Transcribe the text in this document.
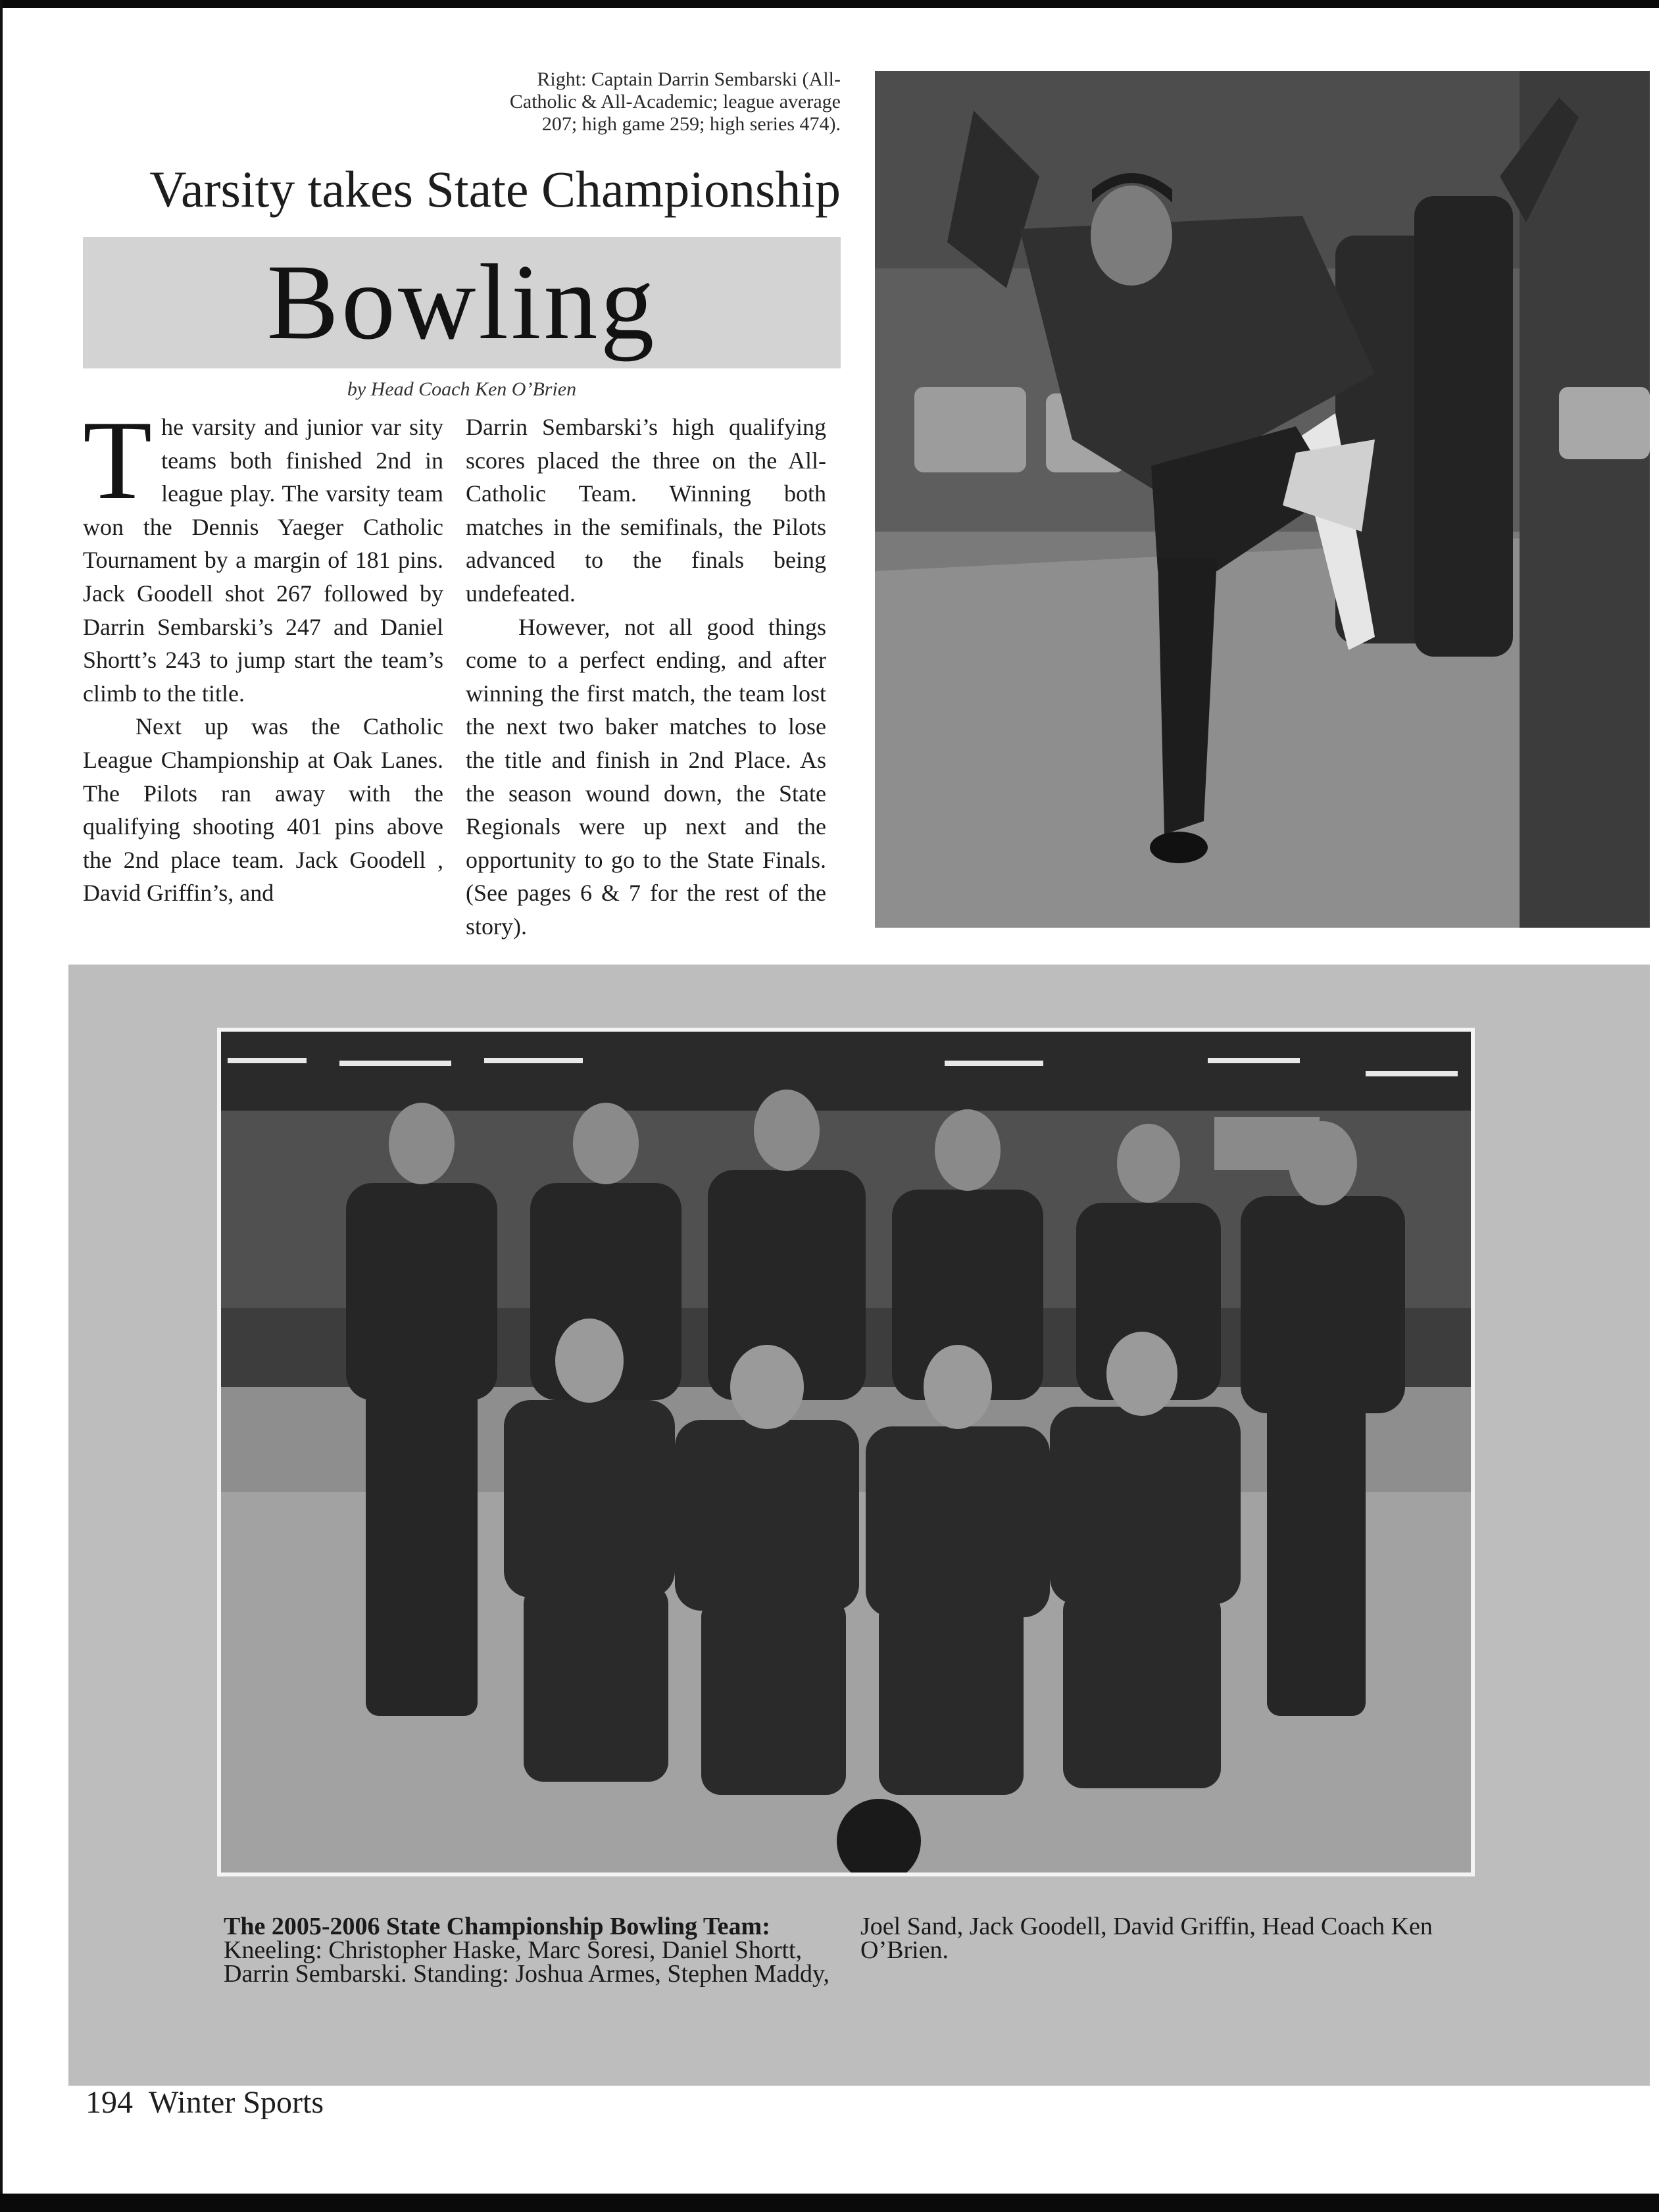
Right: Captain Darrin Sembarski (All-Catholic & All-Academic; league average 207; high game 259; high series 474).
Varsity takes State Championship
Bowling
by Head Coach Ken O’Brien

The varsity and junior var sity teams both finished 2nd in league play. The varsity team won the Dennis Yaeger Catholic Tournament by a margin of 181 pins. Jack Goodell shot 267 followed by Darrin Sembarski’s 247 and Daniel Shortt’s 243 to jump start the team’s climb to the title.

Next up was the Catholic League Championship at Oak Lanes. The Pilots ran away with the qualifying shooting 401 pins above the 2nd place team. Jack Goodell , David Griffin’s, and

Darrin Sembarski’s high qualifying scores placed the three on the All-Catholic Team. Winning both matches in the semifinals, the Pilots advanced to the finals being undefeated.

However, not all good things come to a perfect ending, and after winning the first match, the team lost the next two baker matches to lose the title and finish in 2nd Place. As the season wound down, the State Regionals were up next and the opportunity to go to the State Finals. (See pages 6 & 7 for the rest of the story).

The 2005-2006 State Championship Bowling Team: Kneeling: Christopher Haske, Marc Soresi, Daniel Shortt, Darrin Sembarski. Standing: Joshua Armes, Stephen Maddy, Joel Sand, Jack Goodell, David Griffin, Head Coach Ken O’Brien.
194 Winter Sports
